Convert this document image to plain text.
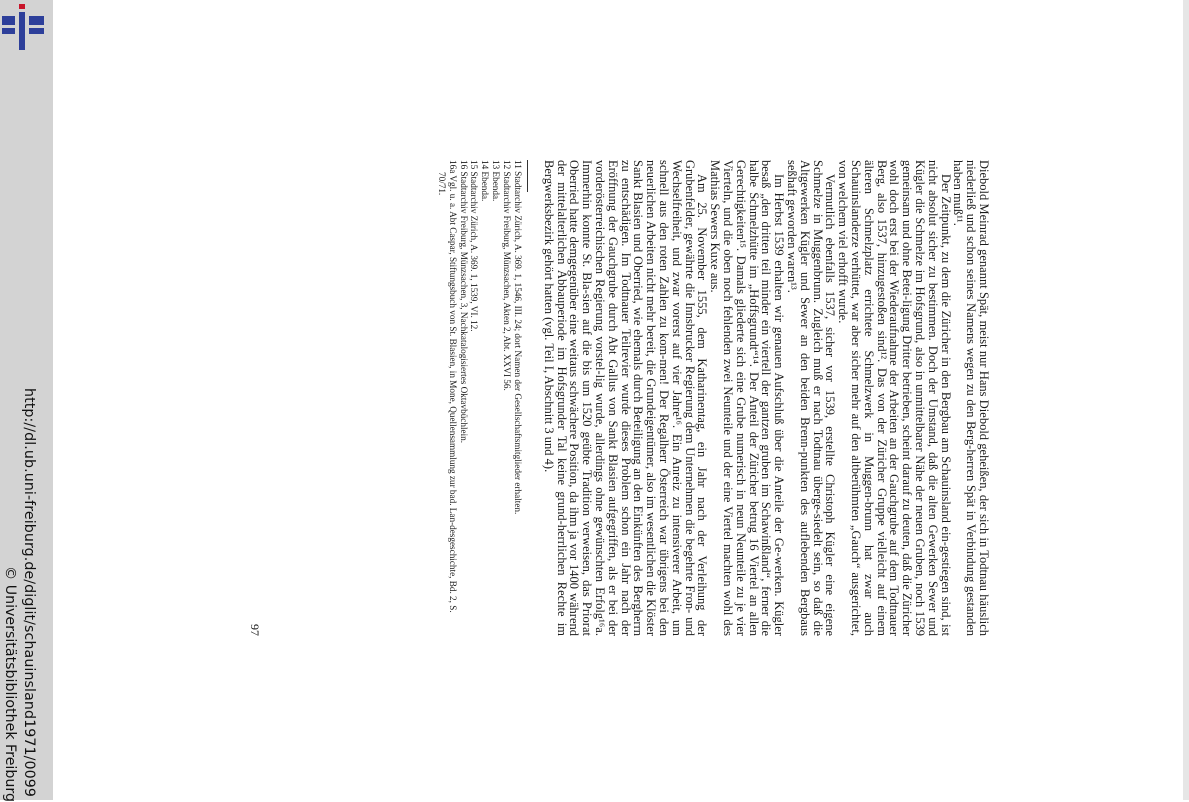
http://dl.ub.uni-freiburg.de/diglit/schauinsland1971/0099
© Universitätsbibliothek Freiburg

Diebold Meinrad genannt Spät, meist nur Hans Diebold geheißen, der sich in Todtnau häuslich niederließ und schon seines Namens wegen zu den Berg-herren Spät in Verbindung gestanden haben muß¹¹.

Der Zeitpunkt, zu dem die Züricher in den Bergbau am Schauinsland ein-gestiegen sind, ist nicht absolut sicher zu bestimmen. Doch der Umstand, daß die alten Gewerken Sewer und Kügler die Schmelze im Hofsgrund, also in unmittelbarer Nähe der neuen Gruben, noch 1539 gemeinsam und ohne Betei-ligung Dritter betrieben, scheint darauf zu deuten, daß die Züricher wohl doch erst bei der Wiederaufnahme der Arbeiten an der Gauchgrube auf dem Todtnauer Berg, also 1537, hinzugestoßen sind¹². Das von der Züricher Gruppe vielleicht auf einem älteren Schmelzplatz errichtete Schmelzwerk in Muggen-brunn hat zwar auch Schauinslanderze verhüttet, war aber sicher mehr auf den altberühmten „Gauch“ ausgerichtet, von welchem viel erhofft wurde.

Vermutlich ebenfalls 1537, sicher vor 1539, erstellte Christoph Kügler eine eigene Schmelze in Muggenbrunn. Zugleich muß er nach Todtnau überge-siedelt sein, so daß die Altgewerken Kügler und Sewer an den beiden Brenn-punkten des auflebenden Bergbaus seßhaft geworden waren¹³.

Im Herbst 1539 erhalten wir genauen Aufschluß über die Anteile der Ge-werken. Kügler besaß „den dritten teil minder ein viertell der gantzen gruben im Schawinßland“, ferner die halbe Schmelzhütte im „Hoffsgrundt“¹⁴. Der Anteil der Züricher betrug 16 Viertel an allen Gerechtigkeiten¹⁵. Damals gliederte sich eine Grube numerisch in neun Neunteile zu je vier Vierteln, und die oben noch fehlenden zwei Neunteile und der eine Viertel machten wohl des Mathias Sewers Kuxe aus.

Am 25. November 1555, dem Katharinentag, ein Jahr nach der Verleihung der Grubenfelder, gewährte die Innsbrucker Regierung dem Unternehmen die begehrte Fron- und Wechselfreiheit, und zwar vorerst auf vier Jahre¹⁶. Ein Anreiz zu intensiverer Arbeit, um schnell aus den roten Zahlen zu kom-men! Der Regalherr Österreich war übrigens bei den neuerlichen Arbeiten nicht mehr bereit, die Grundeigentümer, also im wesentlichen die Klöster Sankt Blasien und Oberried, wie ehemals durch Beteiligung an den Einkünften des Bergherrn zu entschädigen. Im Todtnauer Teilrevier wurde dieses Problem schon ein Jahr nach der Eröffnung der Gauchgrube durch Abt Gallus von Sankt Blasien aufgegriffen, als er bei der vorderösterreichischen Regierung vorstel-lig wurde, allerdings ohne gewünschten Erfolg¹⁶a. Immerhin konnte St. Bla-sien auf die bis um 1520 geübte Tradition verweisen, das Priorat Oberried hatte demgegenüber eine weitaus schwächere Position, da ihm ja vor 1400 während der mittelalterlichen Abbauperiode im Hofsgrunder Tal keine grund-herrlichen Rechte im Bergwerksbezirk gehört hatten (vgl. Teil I, Abschnitt 3 und 4).

11 Stadtarchiv Zürich, A. 369. 1, 1546, III. 24; dort Namen der Gesellschaftsmitglieder erhalten.

12 Stadtarchiv Freiburg, Münzsachen, Akten 2, Abt. XXVI 56.

13 Ebenda.

14 Ebenda.

15 Stadtarchiv Zürich, A. 369. 1, 1539, VI. 12.

16 Stadtarchiv Freiburg, Münzsachen, 3, Nachkatalogisiertes Oktavbüchlein.

16a Vgl. u. a. Abt Caspar, Stiftungsbuch von St. Blasien, in Mone, Quellensammlung zur bad. Lan-desgeschichte, Bd. 2, S. 70/71.

97
